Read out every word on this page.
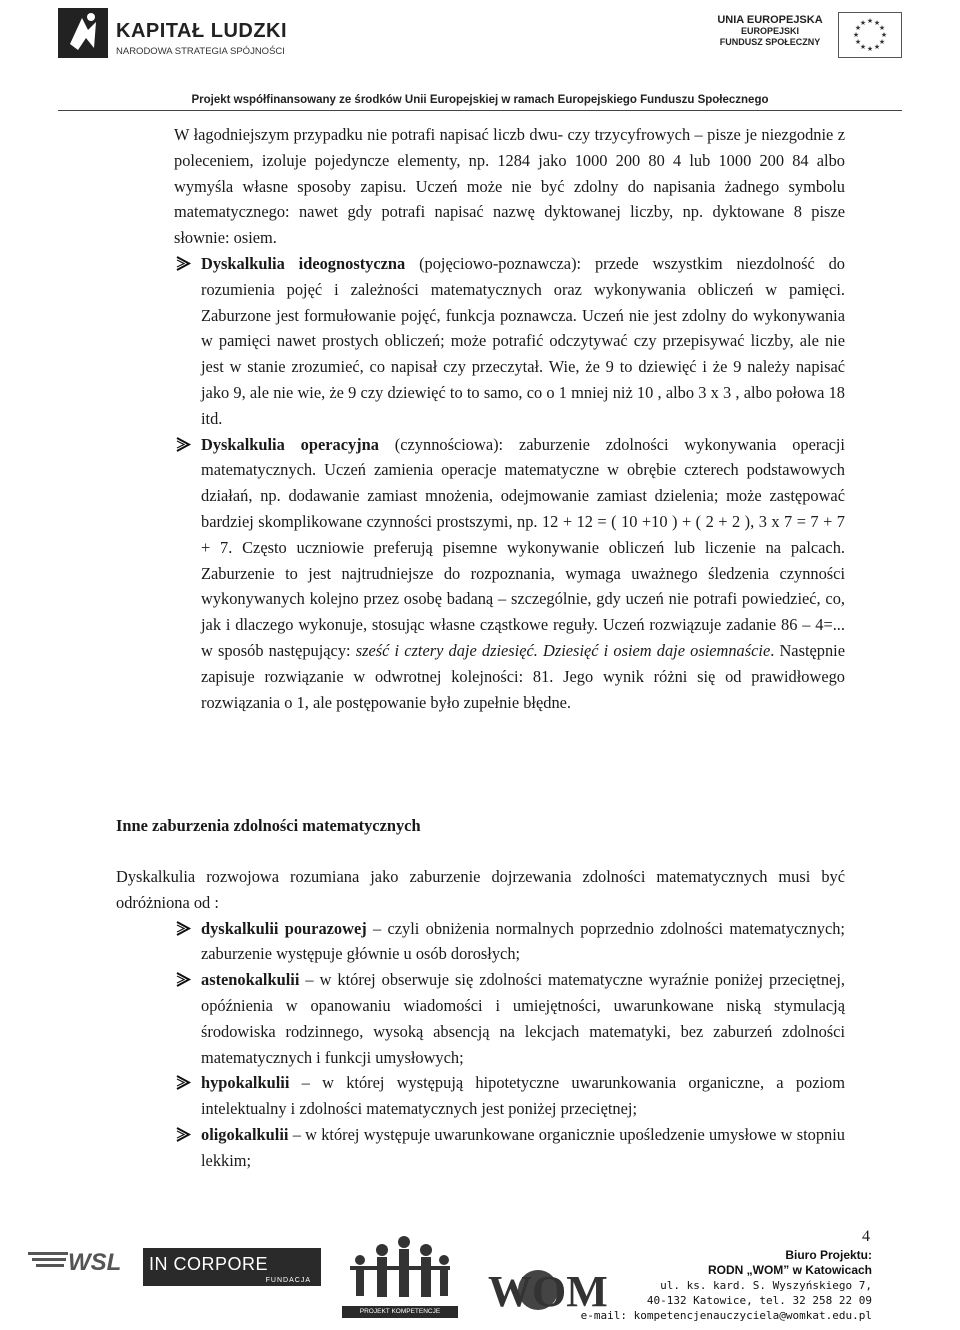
KAPITAŁ LUDZKI
NARODOWA STRATEGIA SPÓJNOŚCI
UNIA EUROPEJSKA
EUROPEJSKI
FUNDUSZ SPOŁECZNY
★ ★
★
★
★
★
★
★
★
★
★
★
Projekt współfinansowany ze środków Unii Europejskiej w ramach Europejskiego Funduszu Społecznego

W łagodniejszym przypadku nie potrafi napisać liczb dwu- czy trzycyfrowych – pisze je niezgodnie z poleceniem, izoluje pojedyncze elementy, np. 1284 jako 1000 200 80 4 lub 1000 200 84 albo wymyśla własne sposoby zapisu. Uczeń może nie być zdolny do napisania żadnego symbolu matematycznego: nawet gdy potrafi napisać nazwę dyktowanej liczby, np. dyktowane 8 pisze słownie: osiem.

Dyskalkulia ideognostyczna (pojęciowo-poznawcza): przede wszystkim niezdolność do rozumienia pojęć i zależności matematycznych oraz wykonywania obliczeń w pamięci. Zaburzone jest formułowanie pojęć, funkcja poznawcza. Uczeń nie jest zdolny do wykonywania w pamięci nawet prostych obliczeń; może potrafić odczytywać czy przepisywać liczby, ale nie jest w stanie zrozumieć, co napisał czy przeczytał. Wie, że 9 to dziewięć i że 9 należy napisać jako 9, ale nie wie, że 9 czy dziewięć to to samo, co o 1 mniej niż 10 , albo 3 x 3 , albo połowa 18 itd.
Dyskalkulia operacyjna (czynnościowa): zaburzenie zdolności wykonywania operacji matematycznych. Uczeń zamienia operacje matematyczne w obrębie czterech podstawowych działań, np. dodawanie zamiast mnożenia, odejmowanie zamiast dzielenia; może zastępować bardziej skomplikowane czynności prostszymi, np. 12 + 12 = ( 10 +10 ) + ( 2 + 2 ), 3 x 7 = 7 + 7 + 7. Często uczniowie preferują pisemne wykonywanie obliczeń lub liczenie na palcach. Zaburzenie to jest najtrudniejsze do rozpoznania, wymaga uważnego śledzenia czynności wykonywanych kolejno przez osobę badaną – szczególnie, gdy uczeń nie potrafi powiedzieć, co, jak i dlaczego wykonuje, stosując własne cząstkowe reguły. Uczeń rozwiązuje zadanie 86 – 4=... w sposób następujący: sześć i cztery daje dziesięć. Dziesięć i osiem daje osiemnaście. Następnie zapisuje rozwiązanie w odwrotnej kolejności: 81. Jego wynik różni się od prawidłowego rozwiązania o 1, ale postępowanie było zupełnie błędne.
Inne zaburzenia zdolności matematycznych

Dyskalkulia rozwojowa rozumiana jako zaburzenie dojrzewania zdolności matematycznych musi być odróżniona od :

dyskalkulii pourazowej – czyli obniżenia normalnych poprzednio zdolności matematycznych; zaburzenie występuje głównie u osób dorosłych;
astenokalkulii – w której obserwuje się zdolności matematyczne wyraźnie poniżej przeciętnej, opóźnienia w opanowaniu wiadomości i umiejętności, uwarunkowane niską stymulacją środowiska rodzinnego, wysoką absencją na lekcjach matematyki, bez zaburzeń zdolności matematycznych i funkcji umysłowych;
hypokalkulii – w której występują hipotetyczne uwarunkowania organiczne, a poziom intelektualny i zdolności matematycznych jest poniżej przeciętnej;
oligokalkulii – w której występuje uwarunkowane organicznie upośledzenie umysłowe w stopniu lekkim;
4
WSL IN CORPORE
FUNDACJA
PROJEKT KOMPETENCJE NAUCZYCIELA
WOM
Biuro Projektu:
RODN „WOM” w Katowicach
ul. ks. kard. S. Wyszyńskiego 7,
40-132 Katowice, tel. 32 258 22 09
e-mail: kompetencjenauczyciela@womkat.edu.pl
